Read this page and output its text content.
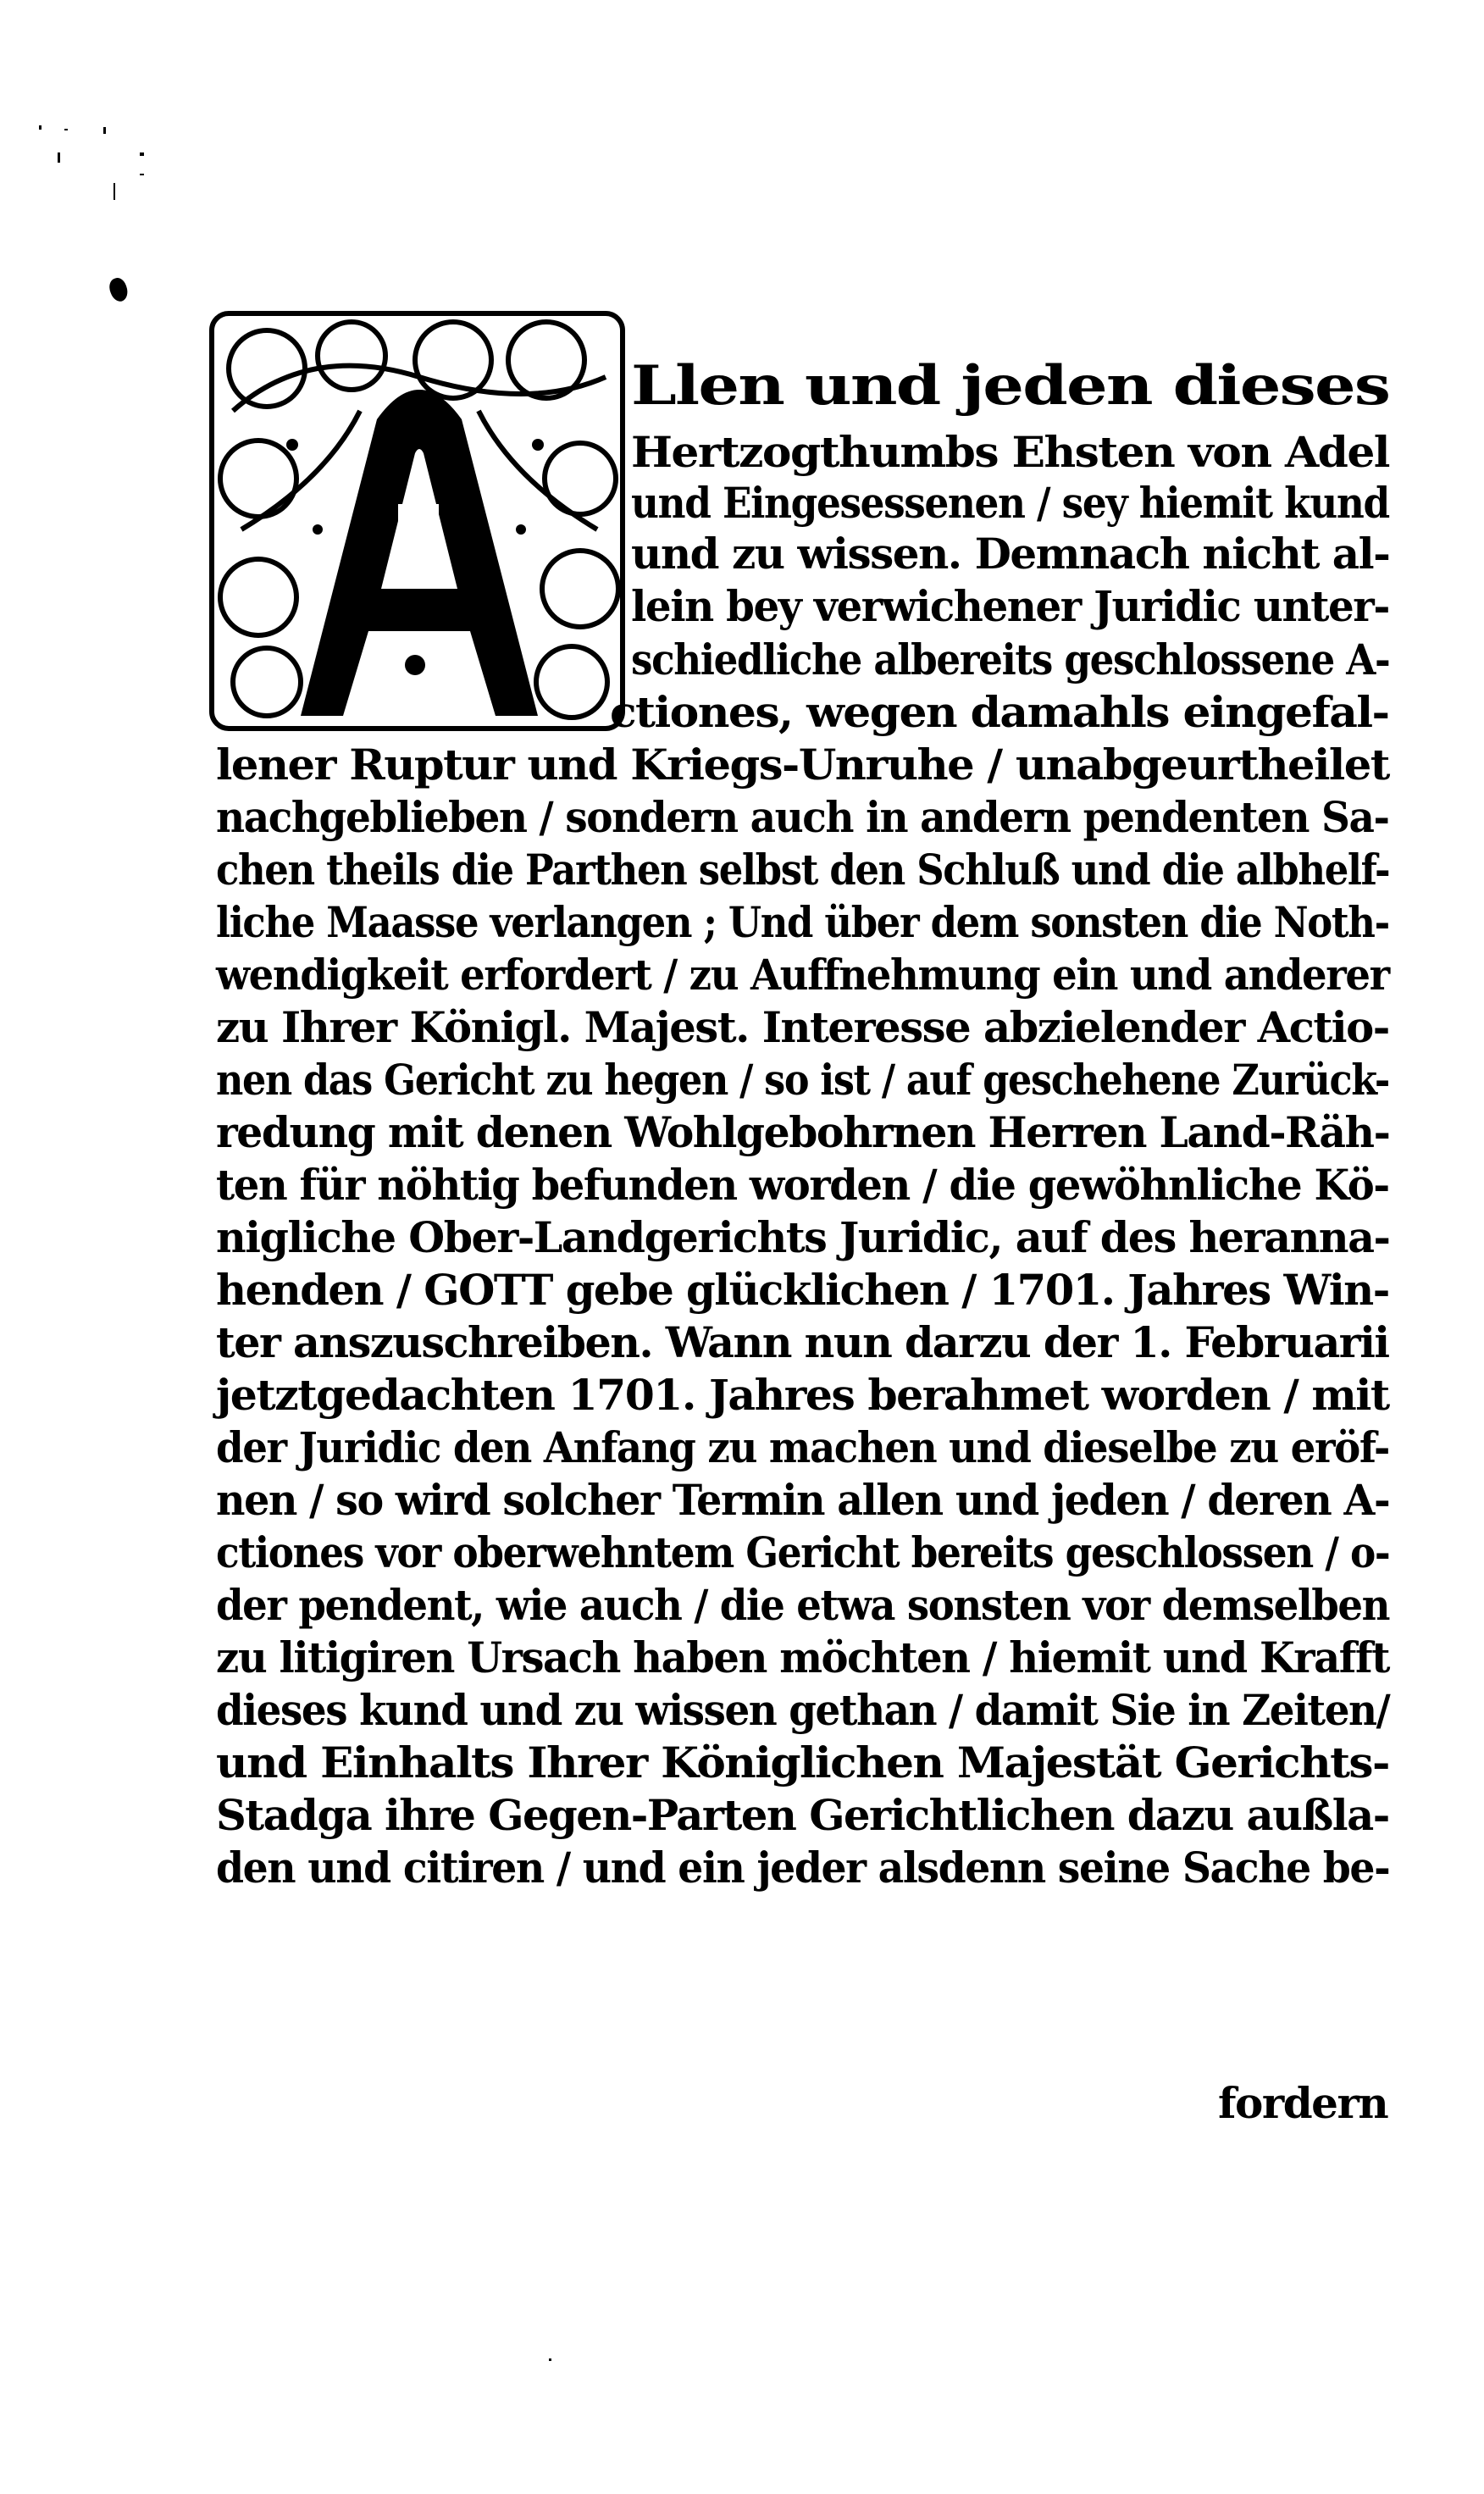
Llen und jeden dieses
Hertzogthumbs Ehsten von Adel
und Eingesessenen / sey hiemit kund
und zu wissen. Demnach nicht al-
lein bey verwichener Juridic unter-
schiedliche albereits geschlossene A-
ctiones, wegen damahls eingefal-
lener Ruptur und Kriegs-Unruhe / unabgeurtheilet
nachgeblieben / sondern auch in andern pendenten Sa-
chen theils die Parthen selbst den Schluß und die albhelf-
liche Maasse verlangen ; Und über dem sonsten die Noth-
wendigkeit erfordert / zu Auffnehmung ein und anderer
zu Ihrer Königl. Majest. Interesse abzielender Actio-
nen das Gericht zu hegen / so ist / auf geschehene Zurück-
redung mit denen Wohlgebohrnen Herren Land-Räh-
ten für nöhtig befunden worden / die gewöhnliche Kö-
nigliche Ober-Landgerichts Juridic, auf des heranna-
henden / GOTT gebe glücklichen / 1701. Jahres Win-
ter anszuschreiben. Wann nun darzu der 1. Februarii
jetztgedachten 1701. Jahres berahmet worden / mit
der Juridic den Anfang zu machen und dieselbe zu eröf-
nen / so wird solcher Termin allen und jeden / deren A-
ctiones vor oberwehntem Gericht bereits geschlossen / o-
der pendent, wie auch / die etwa sonsten vor demselben
zu litigiren Ursach haben möchten / hiemit und Krafft
dieses kund und zu wissen gethan / damit Sie in Zeiten/
und Einhalts Ihrer Königlichen Majestät Gerichts-
Stadga ihre Gegen-Parten Gerichtlichen dazu außla-
den und citiren / und ein jeder alsdenn seine Sache be-
fordern
